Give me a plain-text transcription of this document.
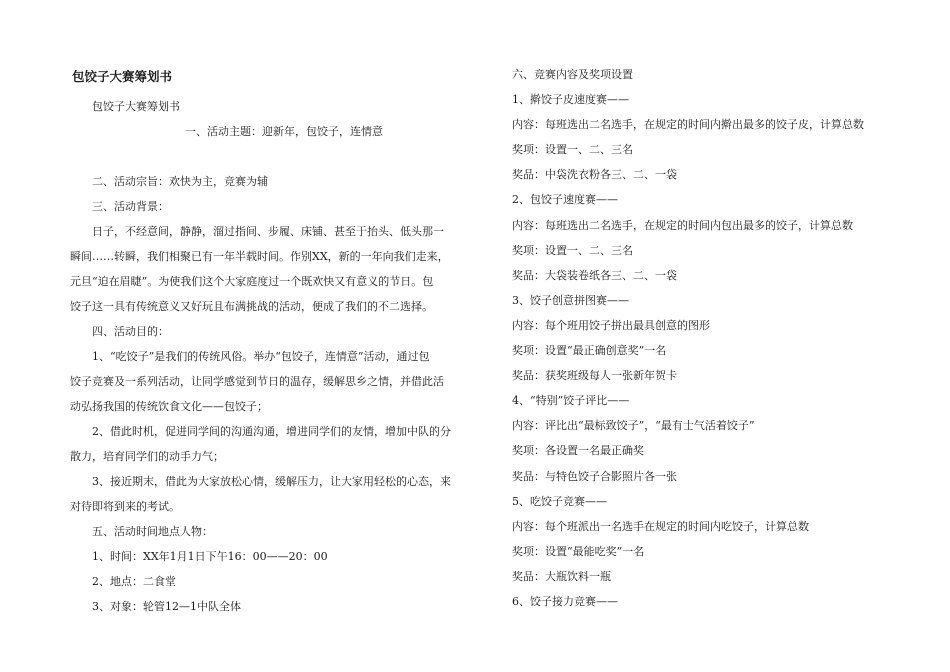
包饺子大赛筹划书

包饺子大赛筹划书

一、活动主题：迎新年，包饺子，连情意

二、活动宗旨：欢快为主，竞赛为辅

三、活动背景：

日子，不经意间，静静，溜过指间、步履、床铺、甚至于抬头、低头那一

瞬间……转瞬，我们相聚已有一年半载时间。作别XX，新的一年向我们走来，

元旦“迫在眉睫”。为使我们这个大家庭度过一个既欢快又有意义的节日。包

饺子这一具有传统意义又好玩且布满挑战的活动，便成了我们的不二选择。

四、活动目的：

1、“吃饺子”是我们的传统风俗。举办“包饺子，连情意”活动，通过包

饺子竞赛及一系列活动，让同学感觉到节日的温存，缓解思乡之情，并借此活

动弘扬我国的传统饮食文化——包饺子；

2、借此时机，促进同学间的沟通沟通，增进同学们的友情，增加中队的分

散力，培育同学们的动手力气；

3、接近期末，借此为大家放松心情，缓解压力，让大家用轻松的心态，来

对待即将到来的考试。

五、活动时间地点人物：

1、时间：XX年1月1日下午16：00——20：00

2、地点：二食堂

3、对象：轮管12—1中队全体

六、竞赛内容及奖项设置

1、擀饺子皮速度赛——

内容：每班选出二名选手，在规定的时间内擀出最多的饺子皮，计算总数

奖项：设置一、二、三名

奖品：中袋洗衣粉各三、二、一袋

2、包饺子速度赛——

内容：每班选出二名选手，在规定的时间内包出最多的饺子，计算总数

奖项：设置一、二、三名

奖品：大袋装卷纸各三、二、一袋

3、饺子创意拼图赛——

内容：每个班用饺子拼出最具创意的图形

奖项：设置“最正确创意奖”一名

奖品：获奖班级每人一张新年贺卡

4、“特别”饺子评比——

内容：评比出“最标致饺子”，“最有士气活着饺子”

奖项：各设置一名最正确奖

奖品：与特色饺子合影照片各一张

5、吃饺子竞赛——

内容：每个班派出一名选手在规定的时间内吃饺子，计算总数

奖项：设置“最能吃奖”一名

奖品：大瓶饮料一瓶

6、饺子接力竞赛——
